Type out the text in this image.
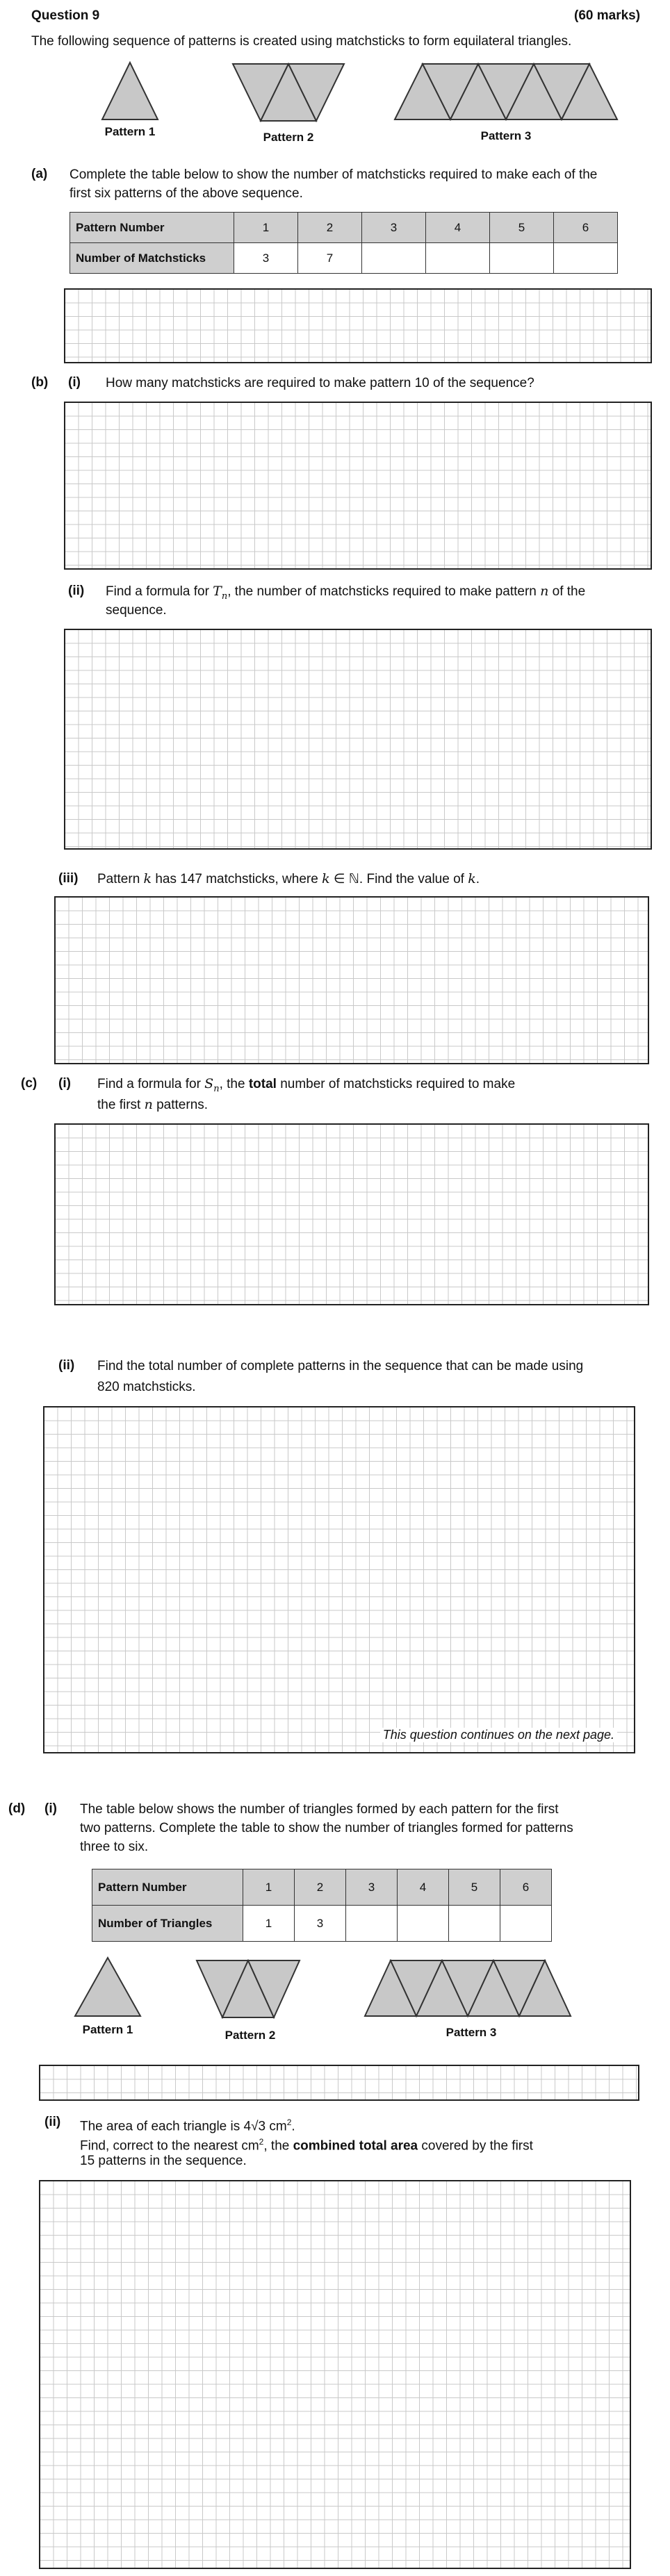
Question 9	(60 marks)
The following sequence of patterns is created using matchsticks to form equilateral triangles.
Pattern 1	Pattern 2	Pattern 3
(a) Complete the table below to show the number of matchsticks required to make each of the
first six patterns of the above sequence.
Pattern Number	1	2	3	4	5	6
Number of Matchsticks	3	7				
(b) (i) How many matchsticks are required to make pattern 10 of the sequence?
(ii) Find a formula for $T_n$, the number of matchsticks required to make pattern n of the
sequence.
(iii) Pattern k has 147 matchsticks, where k ∈ ℕ. Find the value of k.
(c) (i) Find a formula for $S_n$, the total number of matchsticks required to make
the first n patterns.
(ii) Find the total number of complete patterns in the sequence that can be made using
820 matchsticks.
This question continues on the next page.
(d) (i) The table below shows the number of triangles formed by each pattern for the first
two patterns. Complete the table to show the number of triangles formed for patterns
three to six.
Pattern Number	1	2	3	4	5	6
Number of Triangles	1	3				
Pattern 1	Pattern 2	Pattern 3
(ii) The area of each triangle is 4√3 $cm^2$.
Find, correct to the nearest $cm^2$, the combined total area covered by the first
15 patterns in the sequence.
